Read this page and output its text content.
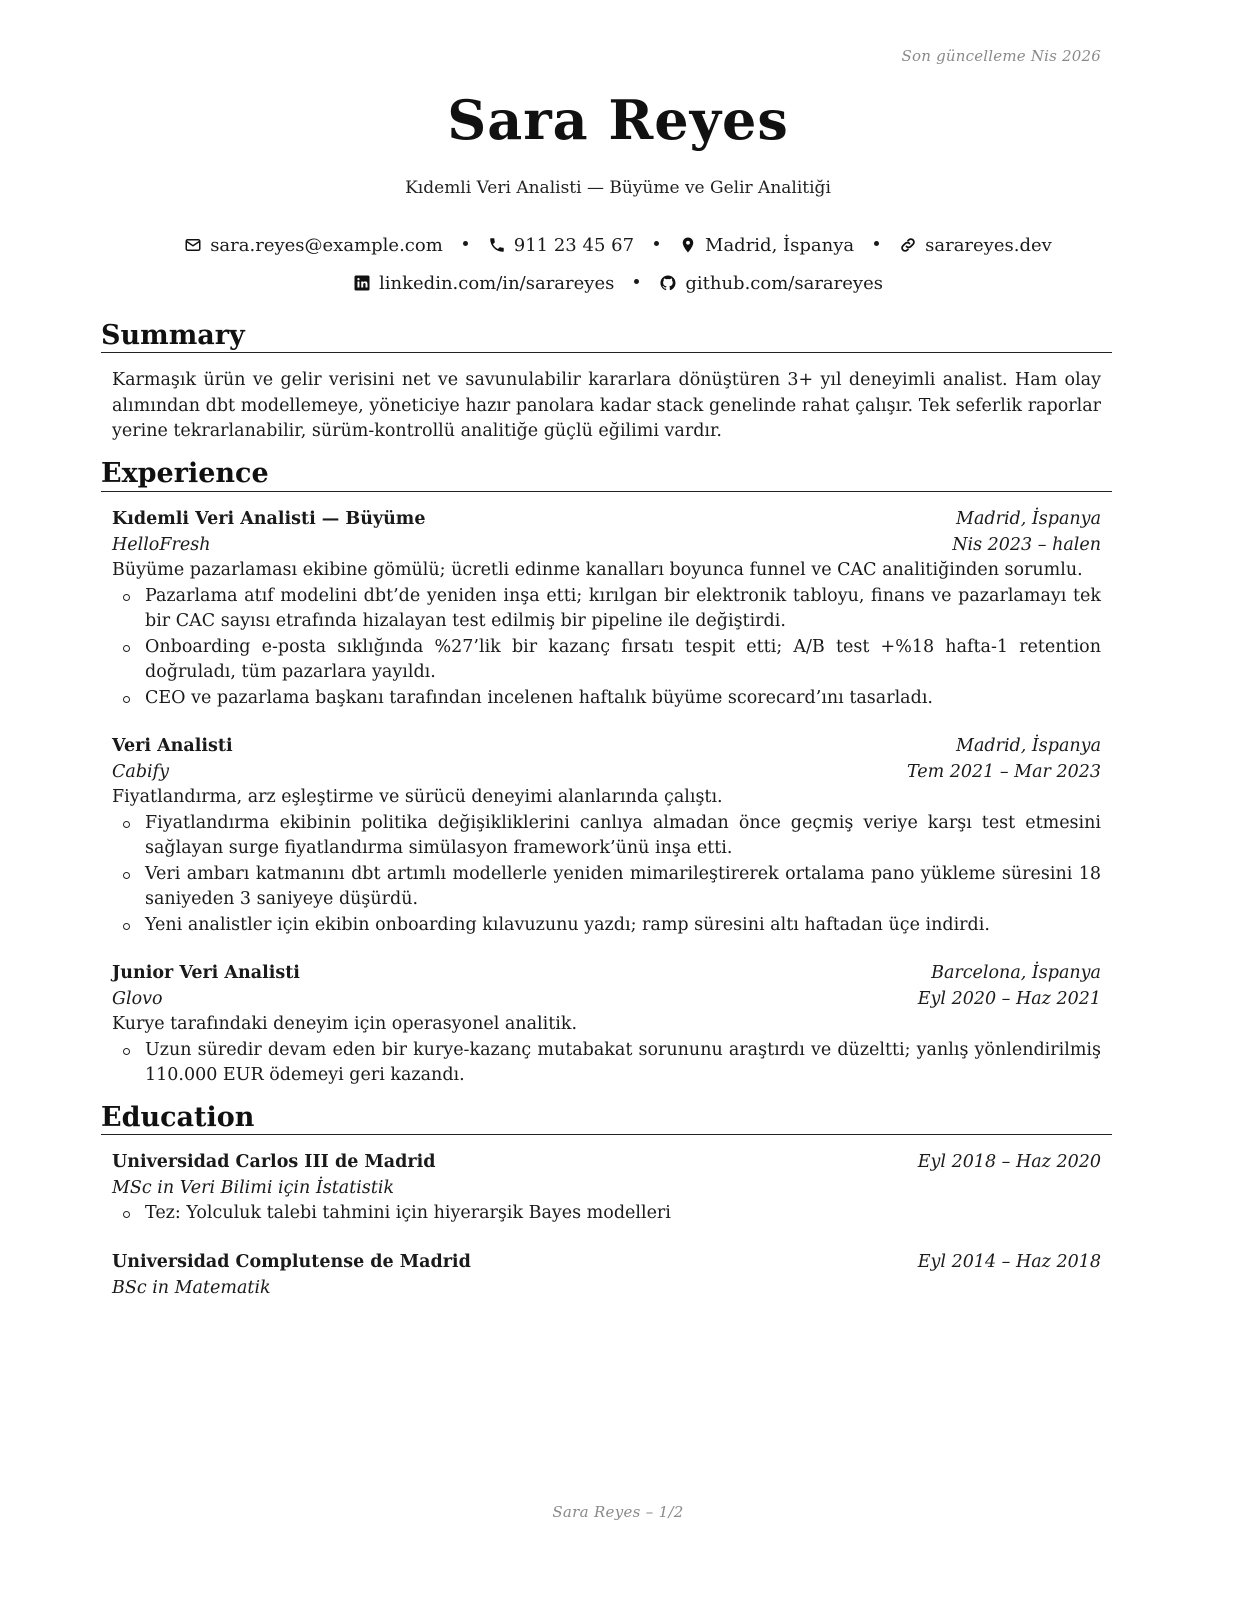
Son güncelleme Nis 2026
Sara Reyes
Kıdemli Veri Analisti — Büyüme ve Gelir Analitiği
sara.reyes@example.com	911 23 45 67	Madrid, İspanya	sarareyes.dev
linkedin.com/in/sarareyes	github.com/sarareyes
Summary
Karmaşık ürün ve gelir verisini net ve savunulabilir kararlara dönüştüren 3+ yıl deneyimli analist. Ham olay alımından dbt modellemeye, yöneticiye hazır panolara kadar stack genelinde rahat çalışır. Tek seferlik raporlar yerine tekrarlanabilir, sürüm-kontrollü analitiğe güçlü eğilimi vardır.
Experience
Kıdemli Veri Analisti — Büyüme	Madrid, İspanya
HelloFresh	Nis 2023 – halen
Büyüme pazarlaması ekibine gömülü; ücretli edinme kanalları boyunca funnel ve CAC analitiğinden sorumlu.
Pazarlama atıf modelini dbt’de yeniden inşa etti; kırılgan bir elektronik tabloyu, finans ve pazarlamayı tek bir CAC sayısı etrafında hizalayan test edilmiş bir pipeline ile değiştirdi.
Onboarding e-posta sıklığında %27’lik bir kazanç fırsatı tespit etti; A/B test +%18 hafta-1 retention doğruladı, tüm pazarlara yayıldı.
CEO ve pazarlama başkanı tarafından incelenen haftalık büyüme scorecard’ını tasarladı.
Veri Analisti	Madrid, İspanya
Cabify	Tem 2021 – Mar 2023
Fiyatlandırma, arz eşleştirme ve sürücü deneyimi alanlarında çalıştı.
Fiyatlandırma ekibinin politika değişikliklerini canlıya almadan önce geçmiş veriye karşı test etmesini sağlayan surge fiyatlandırma simülasyon framework’ünü inşa etti.
Veri ambarı katmanını dbt artımlı modellerle yeniden mimarileştirerek ortalama pano yükleme süresini 18 saniyeden 3 saniyeye düşürdü.
Yeni analistler için ekibin onboarding kılavuzunu yazdı; ramp süresini altı haftadan üçe indirdi.
Junior Veri Analisti	Barcelona, İspanya
Glovo	Eyl 2020 – Haz 2021
Kurye tarafındaki deneyim için operasyonel analitik.
Uzun süredir devam eden bir kurye-kazanç mutabakat sorununu araştırdı ve düzeltti; yanlış yönlendirilmiş 110.000 EUR ödemeyi geri kazandı.
Education
Universidad Carlos III de Madrid	Eyl 2018 – Haz 2020
MSc in Veri Bilimi için İstatistik
Tez: Yolculuk talebi tahmini için hiyerarşik Bayes modelleri
Universidad Complutense de Madrid	Eyl 2014 – Haz 2018
BSc in Matematik
Sara Reyes – 1/2
